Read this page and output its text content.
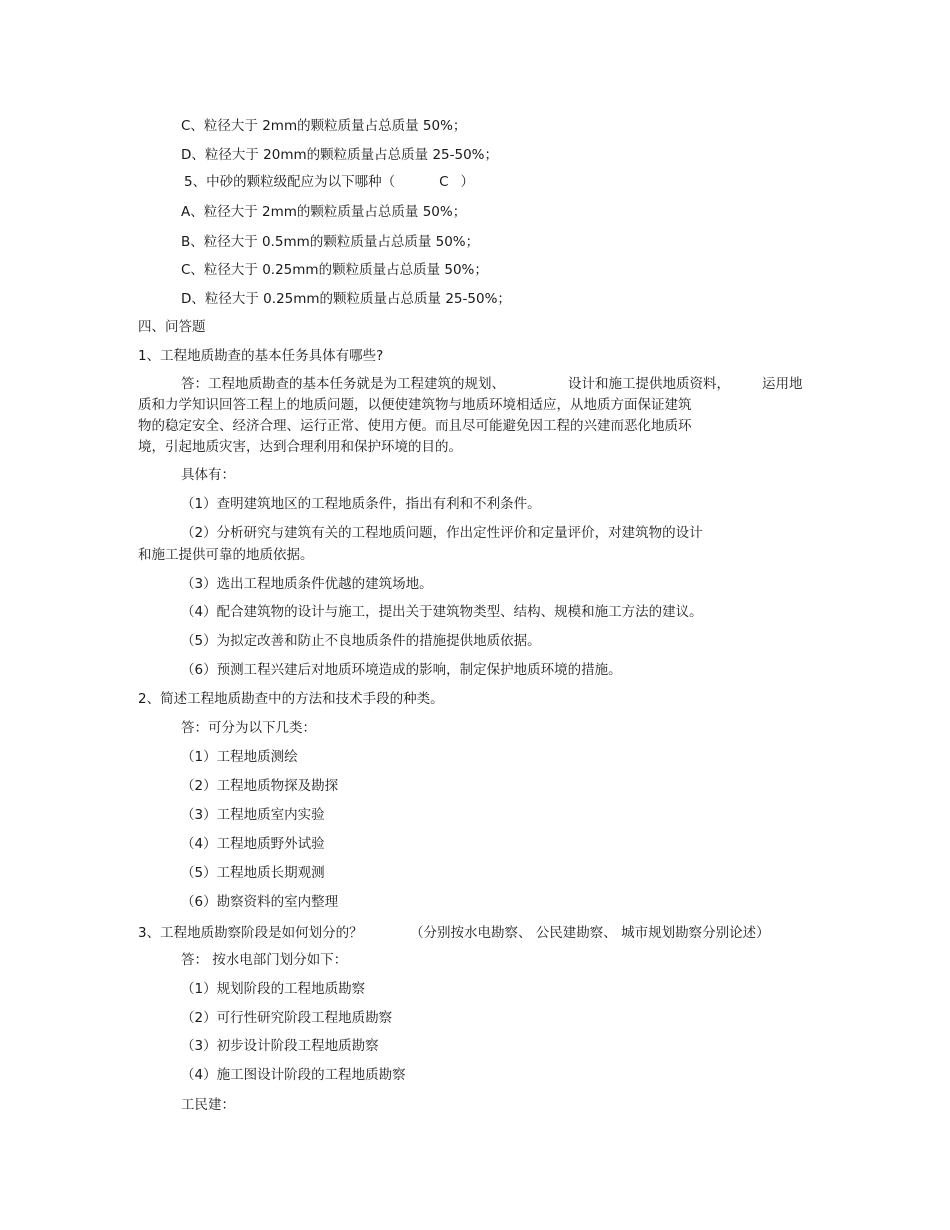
C、粒径大于 2mm的颗粒质量占总质量 50%；
D、粒径大于 20mm的颗粒质量占总质量 25-50%；
5、中砂的颗粒级配应为以下哪种（	C ）
A、粒径大于 2mm的颗粒质量占总质量 50%；
B、粒径大于 0.5mm的颗粒质量占总质量 50%；
C、粒径大于 0.25mm的颗粒质量占总质量 50%；
D、粒径大于 0.25mm的颗粒质量占总质量 25-50%；
四、问答题
1、工程地质勘查的基本任务具体有哪些?
答：工程地质勘查的基本任务就是为工程建筑的规划、	设计和施工提供地质资料， 运用地
质和力学知识回答工程上的地质问题，以便使建筑物与地质环境相适应，从地质方面保证建筑
物的稳定安全、经济合理、运行正常、使用方便。而且尽可能避免因工程的兴建而恶化地质环
境，引起地质灾害，达到合理利用和保护环境的目的。
具体有：
（1）查明建筑地区的工程地质条件，指出有利和不利条件。
（2）分析研究与建筑有关的工程地质问题，作出定性评价和定量评价，对建筑物的设计
和施工提供可靠的地质依据。
（3）选出工程地质条件优越的建筑场地。
（4）配合建筑物的设计与施工，提出关于建筑物类型、结构、规模和施工方法的建议。
（5）为拟定改善和防止不良地质条件的措施提供地质依据。
（6）预测工程兴建后对地质环境造成的影响，制定保护地质环境的措施。
2、简述工程地质勘查中的方法和技术手段的种类。
答：可分为以下几类：
（1）工程地质测绘
（2）工程地质物探及勘探
（3）工程地质室内实验
（4）工程地质野外试验
（5）工程地质长期观测
（6）勘察资料的室内整理
3、工程地质勘察阶段是如何划分的？	（分别按水电勘察、 公民建勘察、 城市规划勘察分别论述）
答： 按水电部门划分如下：
（1）规划阶段的工程地质勘察
（2）可行性研究阶段工程地质勘察
（3）初步设计阶段工程地质勘察
（4）施工图设计阶段的工程地质勘察
工民建：
